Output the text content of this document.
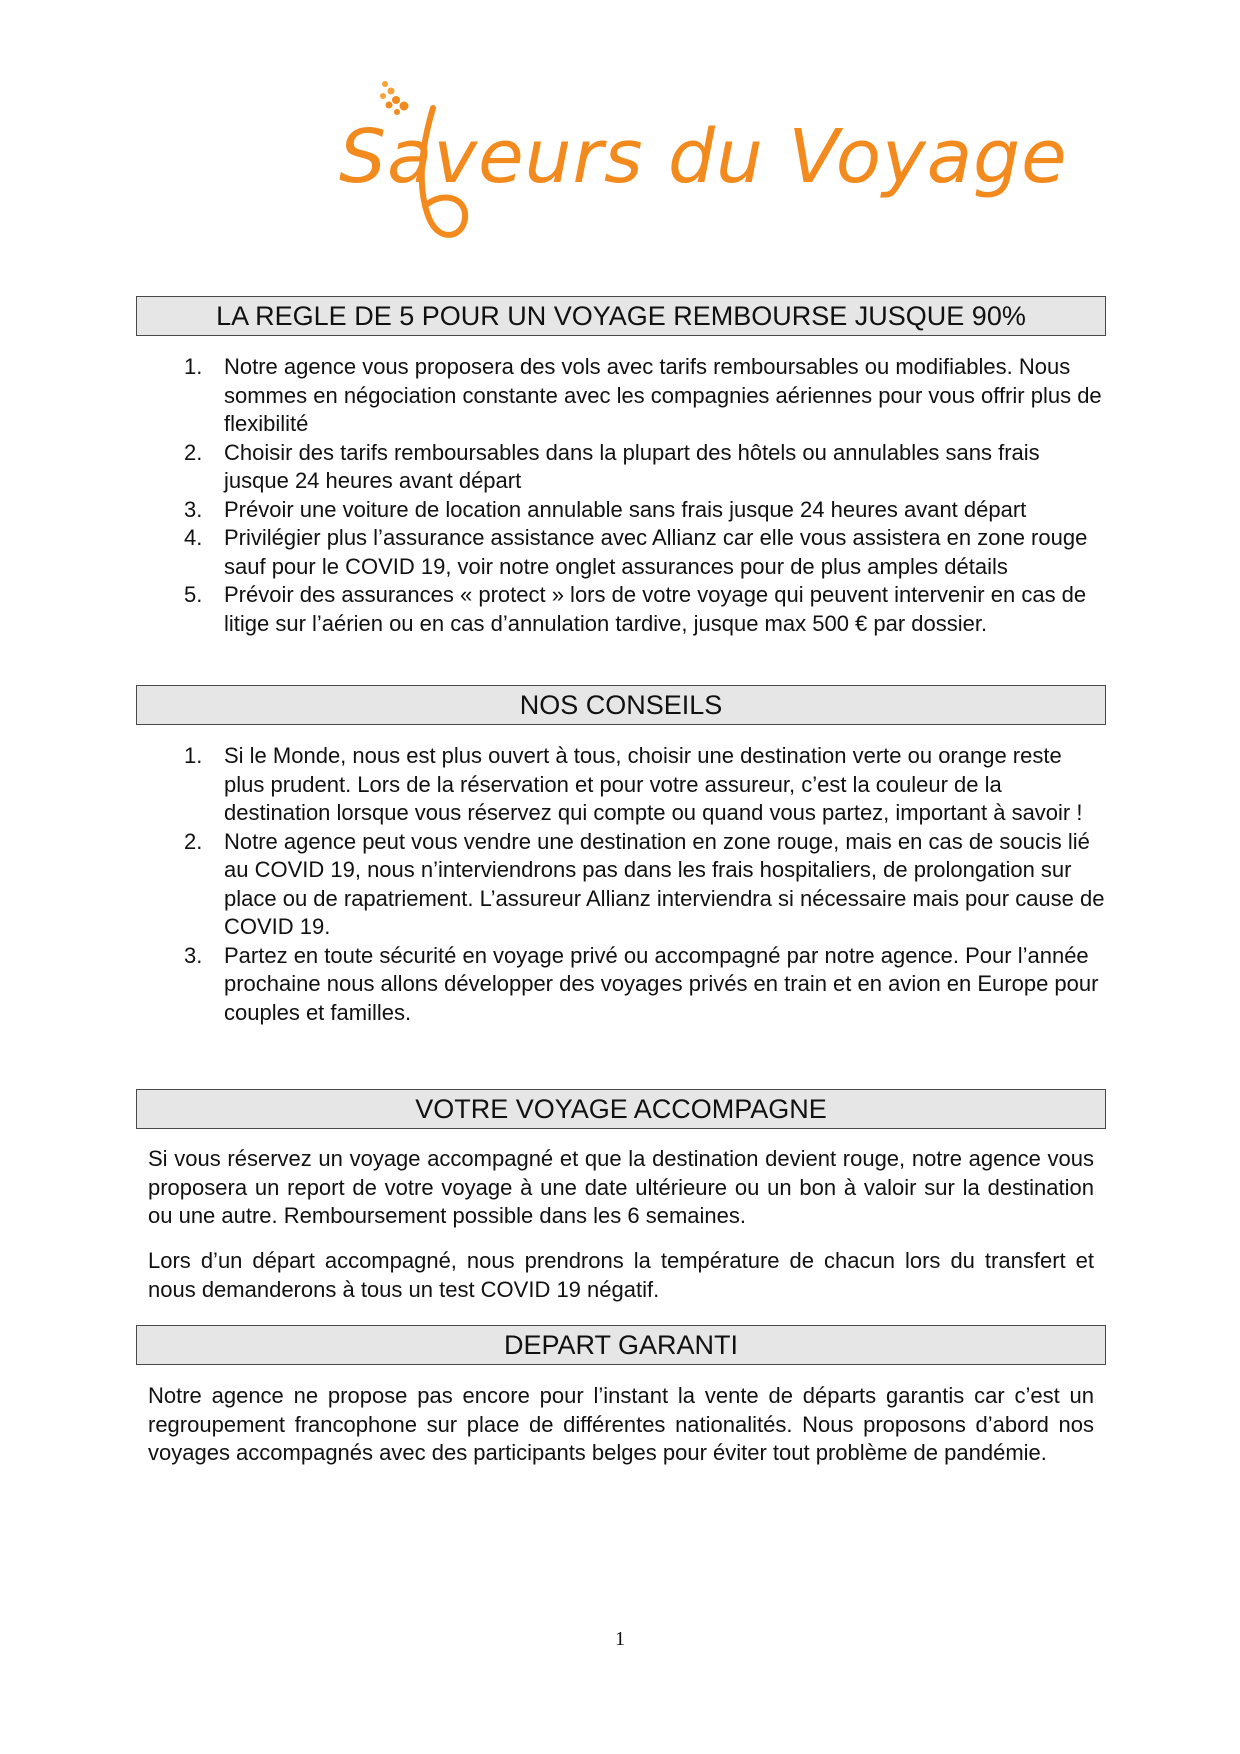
Saveurs du Voyage
LA REGLE DE 5 POUR UN VOYAGE REMBOURSE JUSQUE 90%
1. Notre agence vous proposera des vols avec tarifs remboursables ou modifiables. Nous sommes en négociation constante avec les compagnies aériennes pour vous offrir plus de flexibilité
2. Choisir des tarifs remboursables dans la plupart des hôtels ou annulables sans frais jusque 24 heures avant départ
3. Prévoir une voiture de location annulable sans frais jusque 24 heures avant départ
4. Privilégier plus l’assurance assistance avec Allianz car elle vous assistera en zone rouge sauf pour le COVID 19, voir notre onglet assurances pour de plus amples détails
5. Prévoir des assurances « protect » lors de votre voyage qui peuvent intervenir en cas de litige sur l’aérien ou en cas d’annulation tardive, jusque max 500 € par dossier.
NOS CONSEILS
1. Si le Monde, nous est plus ouvert à tous, choisir une destination verte ou orange reste plus prudent. Lors de la réservation et pour votre assureur, c’est la couleur de la destination lorsque vous réservez qui compte ou quand vous partez, important à savoir !
2. Notre agence peut vous vendre une destination en zone rouge, mais en cas de soucis lié au COVID 19, nous n’interviendrons pas dans les frais hospitaliers, de prolongation sur place ou de rapatriement. L’assureur Allianz interviendra si nécessaire mais pour cause de COVID 19.
3. Partez en toute sécurité en voyage privé ou accompagné par notre agence. Pour l’année prochaine nous allons développer des voyages privés en train et en avion en Europe pour couples et familles.
VOTRE VOYAGE ACCOMPAGNE

Si vous réservez un voyage accompagné et que la destination devient rouge, notre agence vous proposera un report de votre voyage à une date ultérieure ou un bon à valoir sur la destination ou une autre. Remboursement possible dans les 6 semaines.

Lors d’un départ accompagné, nous prendrons la température de chacun lors du transfert et nous demanderons à tous un test COVID 19 négatif.

DEPART GARANTI

Notre agence ne propose pas encore pour l’instant la vente de départs garantis car c’est un regroupement francophone sur place de différentes nationalités. Nous proposons d’abord nos voyages accompagnés avec des participants belges pour éviter tout problème de pandémie.

1
